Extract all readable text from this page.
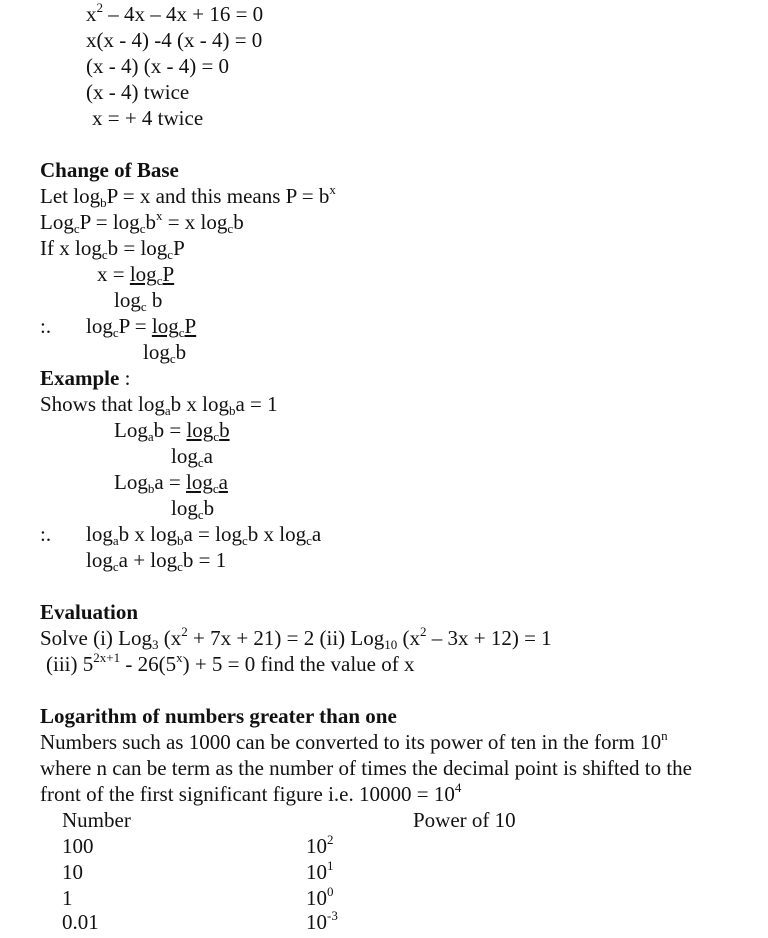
$x^2 - 4x - 4x + 16 = 0$
x(x - 4) -4 (x - 4) = 0
(x - 4) (x - 4) = 0
(x - 4) twice
x = + 4 twice
Change of Base
Let $\log_bP = x$ and this means $P = b^x$
$Log_cP = \log_cb^x = x$ $\log_cb$
If x $\log_cb = \log_cP$
$x = \log_cP$
$\log_c b$
:. $\log_cP = \log_cP$
$\log_cb$
Example :
Shows that $\log_ab$ x $\log_ba = 1$
$Log_ab = \log_cb$
$\log_ca$
$Log_ba = \log_ca$
$\log_cb$
:. $\log_ab$ x $\log_ba = \log_cb$ x $\log_ca$
$\log_ca + \log_cb = 1$
Evaluation
Solve (i) Log$_3$ $(x^2 + 7x + 21) = 2$ (ii) Log$_{10}$ $(x^2 - 3x + 12) = 1$
(iii) $5^{2x+1} - 26(5^x) + 5 = 0$ find the value of x
Logarithm of numbers greater than one
Numbers such as 1000 can be converted to its power of ten in the form 10$^n$
where n can be term as the number of times the decimal point is shifted to the
front of the first significant figure i.e. $10000 = 10^4$
Number	Power of 10
100	$10^2$
10	$10^1$
1	$10^0$
0.01	$10^{-3}$
